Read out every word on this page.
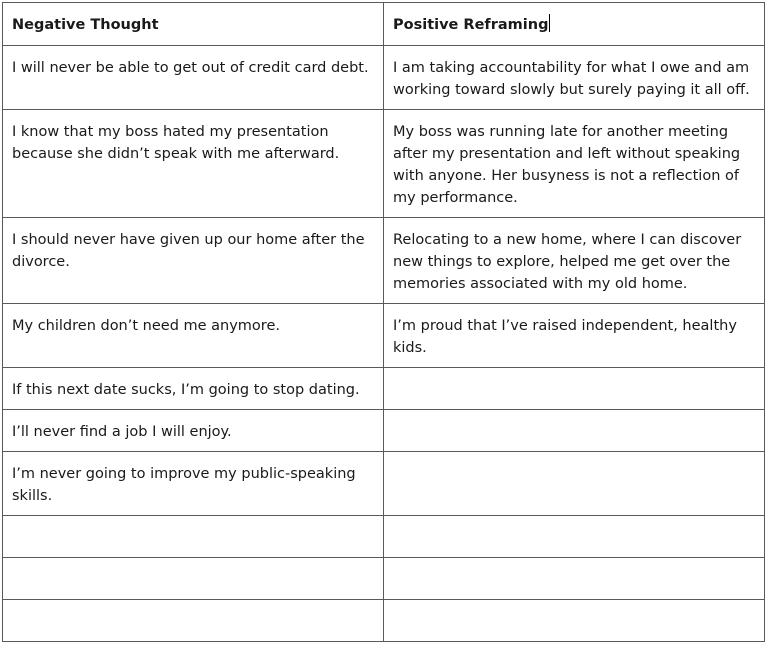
Negative Thought	Positive Reframing
I will never be able to get out of credit card debt.	I am taking accountability for what I owe and am working toward slowly but surely paying it all off.
I know that my boss hated my presentation because she didn’t speak with me afterward.	My boss was running late for another meeting after my presentation and left without speaking with anyone. Her busyness is not a reflection of my performance.
I should never have given up our home after the divorce.	Relocating to a new home, where I can discover new things to explore, helped me get over the memories associated with my old home.
My children don’t need me anymore.	I’m proud that I’ve raised independent, healthy kids.
If this next date sucks, I’m going to stop dating.	
I’ll never find a job I will enjoy.	
I’m never going to improve my public-speaking skills.	
